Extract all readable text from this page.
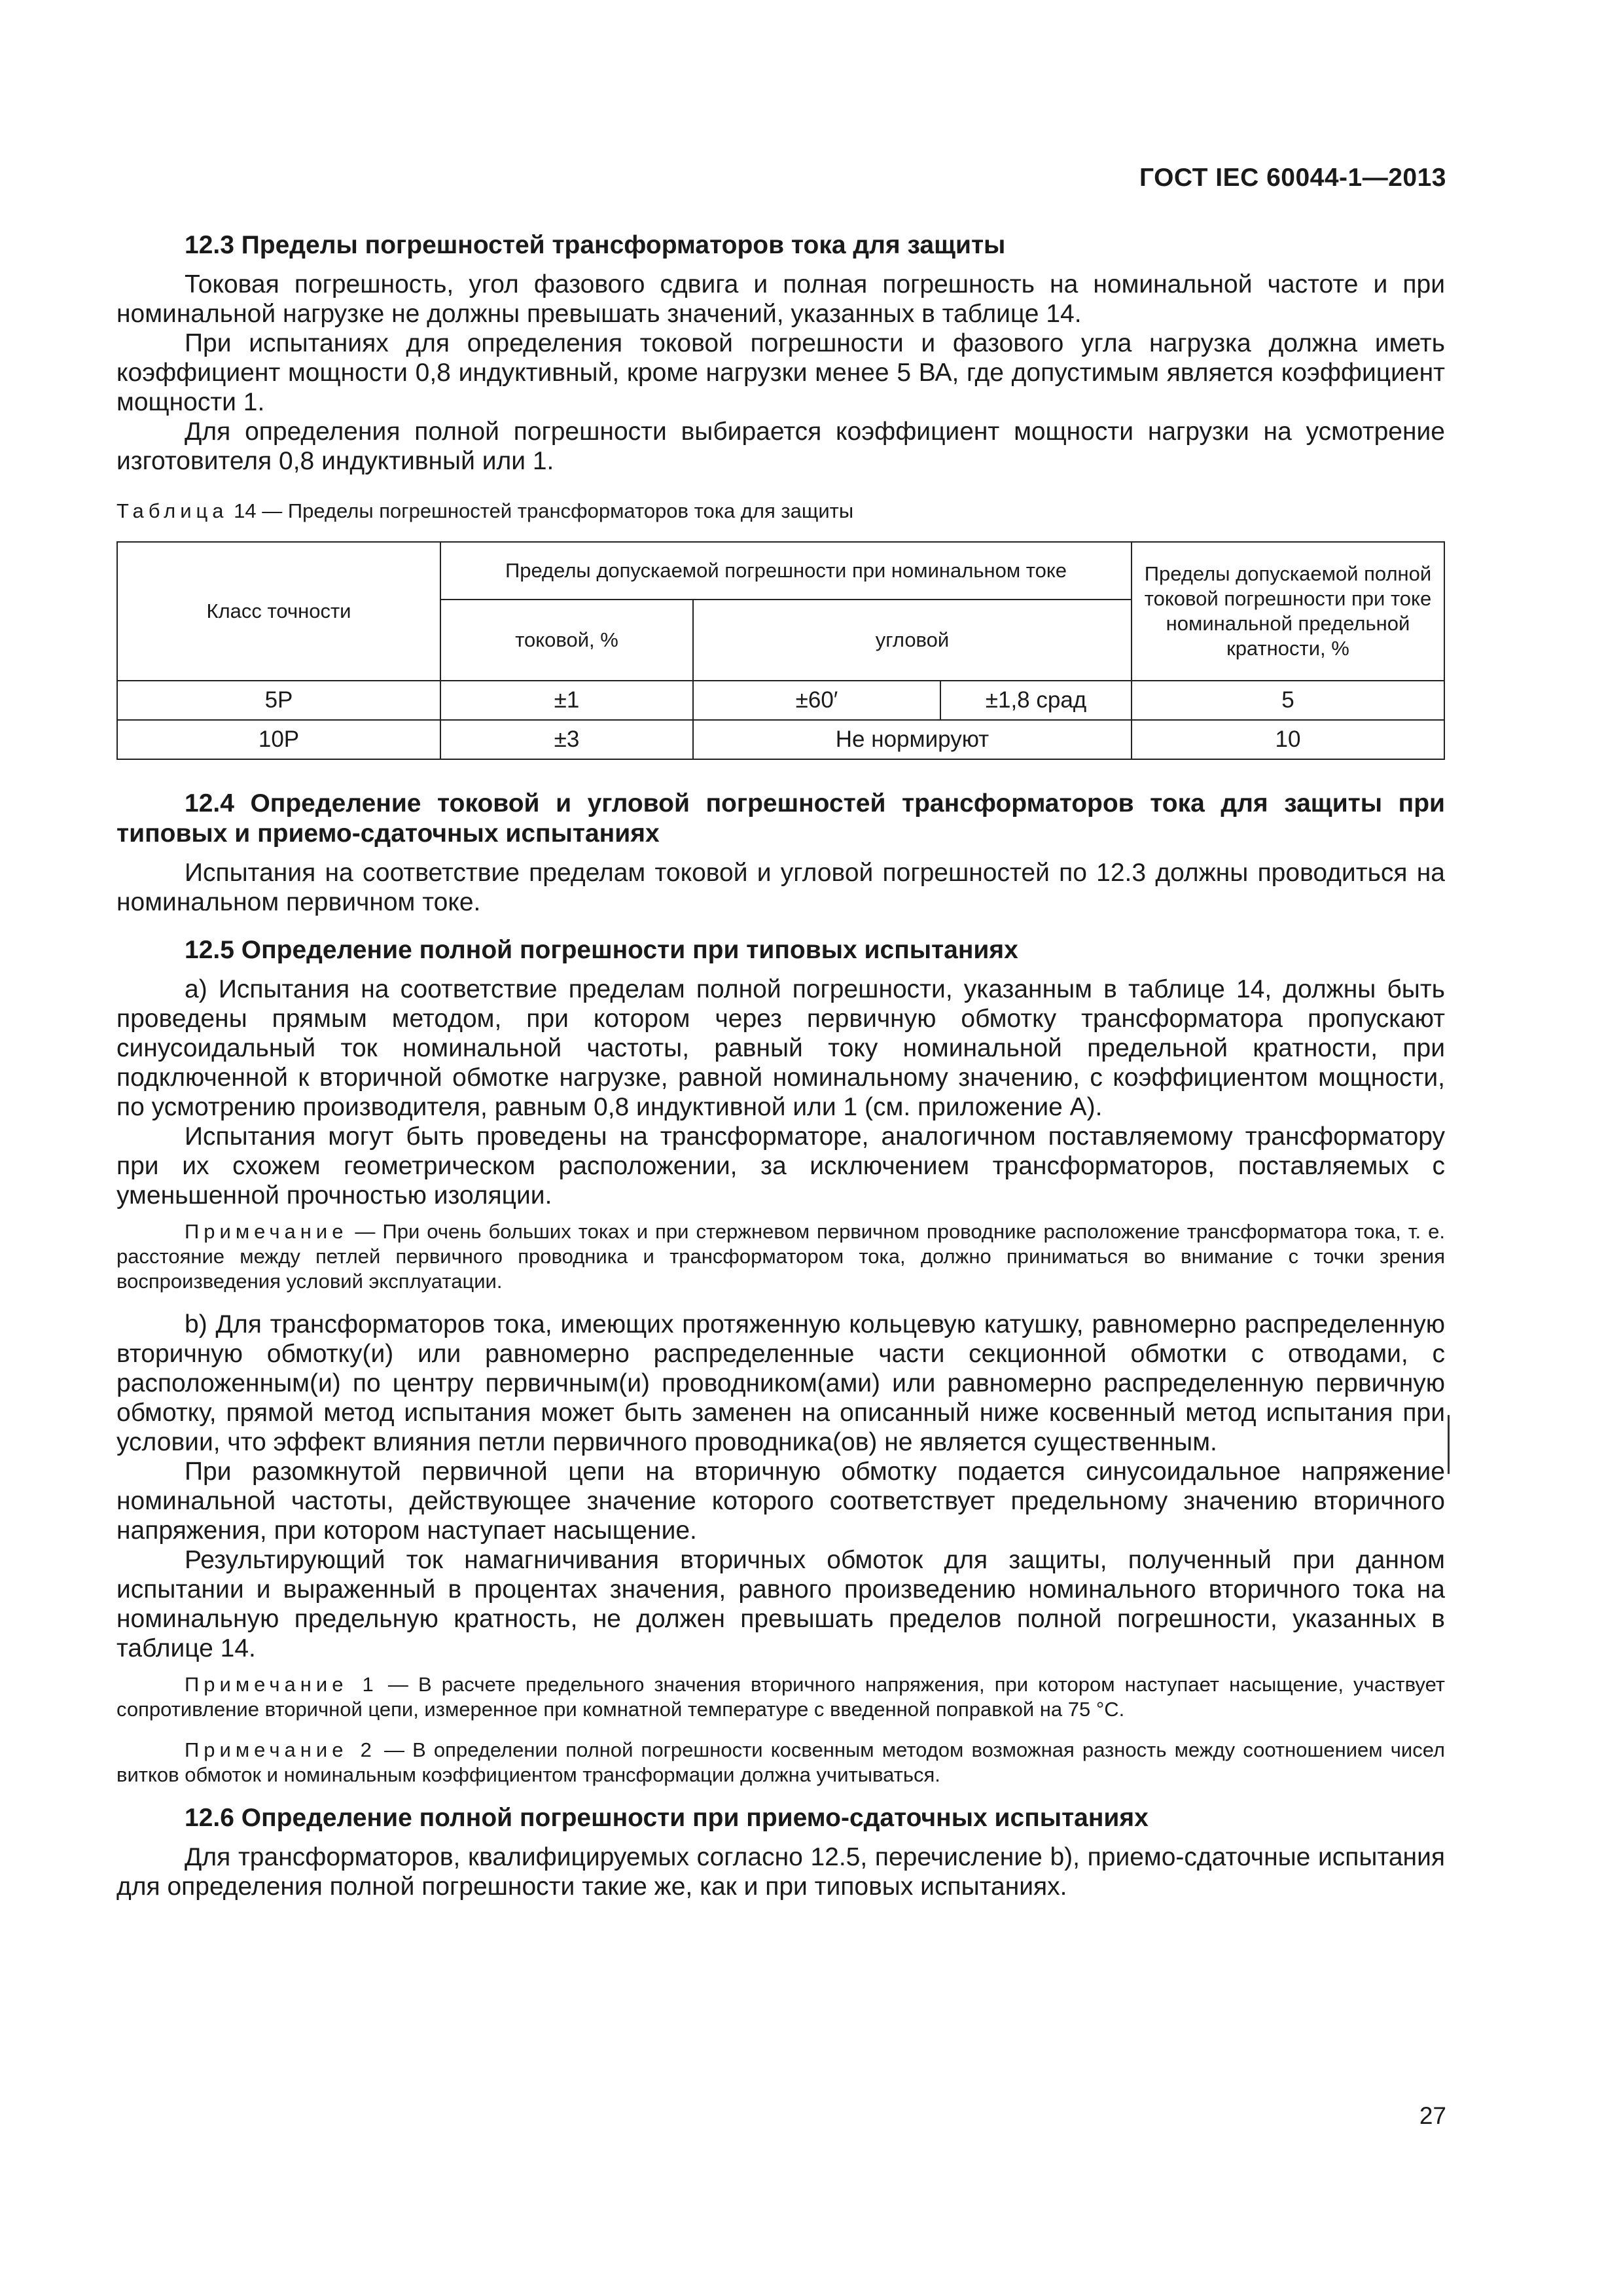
ГОСТ IEC 60044-1—2013
12.3 Пределы погрешностей трансформаторов тока для защиты

Токовая погрешность, угол фазового сдвига и полная погрешность на номинальной частоте и при номинальной нагрузке не должны превышать значений, указанных в таблице 14.

При испытаниях для определения токовой погрешности и фазового угла нагрузка должна иметь коэффициент мощности 0,8 индуктивный, кроме нагрузки менее 5 ВА, где допустимым является коэффициент мощности 1.

Для определения полной погрешности выбирается коэффициент мощности нагрузки на усмотрение изготовителя 0,8 индуктивный или 1.

Таблица 14 — Пределы погрешностей трансформаторов тока для защиты
Класс точности	Пределы допускаемой погрешности при номинальном токе			Пределы допускаемой полной токовой погрешности при токе номинальной предельной кратности, %
	токовой, %	угловой		
5P	±1	±60′	±1,8 срад	5
10P	±3	Не нормируют		10
12.4 Определение токовой и угловой погрешностей трансформаторов тока для защиты при типовых и приемо-сдаточных испытаниях

Испытания на соответствие пределам токовой и угловой погрешностей по 12.3 должны проводиться на номинальном первичном токе.

12.5 Определение полной погрешности при типовых испытаниях

а) Испытания на соответствие пределам полной погрешности, указанным в таблице 14, должны быть проведены прямым методом, при котором через первичную обмотку трансформатора пропускают синусоидальный ток номинальной частоты, равный току номинальной предельной кратности, при подключенной к вторичной обмотке нагрузке, равной номинальному значению, с коэффициентом мощности, по усмотрению производителя, равным 0,8 индуктивной или 1 (см. приложение А).

Испытания могут быть проведены на трансформаторе, аналогичном поставляемому трансформатору при их схожем геометрическом расположении, за исключением трансформаторов, поставляемых с уменьшенной прочностью изоляции.

Примечание — При очень больших токах и при стержневом первичном проводнике расположение трансформатора тока, т. е. расстояние между петлей первичного проводника и трансформатором тока, должно приниматься во внимание с точки зрения воспроизведения условий эксплуатации.

b) Для трансформаторов тока, имеющих протяженную кольцевую катушку, равномерно распределенную вторичную обмотку(и) или равномерно распределенные части секционной обмотки с отводами, с расположенным(и) по центру первичным(и) проводником(ами) или равномерно распределенную первичную обмотку, прямой метод испытания может быть заменен на описанный ниже косвенный метод испытания при условии, что эффект влияния петли первичного проводника(ов) не является существенным.

При разомкнутой первичной цепи на вторичную обмотку подается синусоидальное напряжение номинальной частоты, действующее значение которого соответствует предельному значению вторичного напряжения, при котором наступает насыщение.

Результирующий ток намагничивания вторичных обмоток для защиты, полученный при данном испытании и выраженный в процентах значения, равного произведению номинального вторичного тока на номинальную предельную кратность, не должен превышать пределов полной погрешности, указанных в таблице 14.

Примечание 1 — В расчете предельного значения вторичного напряжения, при котором наступает насыщение, участвует сопротивление вторичной цепи, измеренное при комнатной температуре с введенной поправкой на 75 °С.
Примечание 2 — В определении полной погрешности косвенным методом возможная разность между соотношением чисел витков обмоток и номинальным коэффициентом трансформации должна учитываться.
12.6 Определение полной погрешности при приемо-сдаточных испытаниях

Для трансформаторов, квалифицируемых согласно 12.5, перечисление b), приемо-сдаточные испытания для определения полной погрешности такие же, как и при типовых испытаниях.

27
